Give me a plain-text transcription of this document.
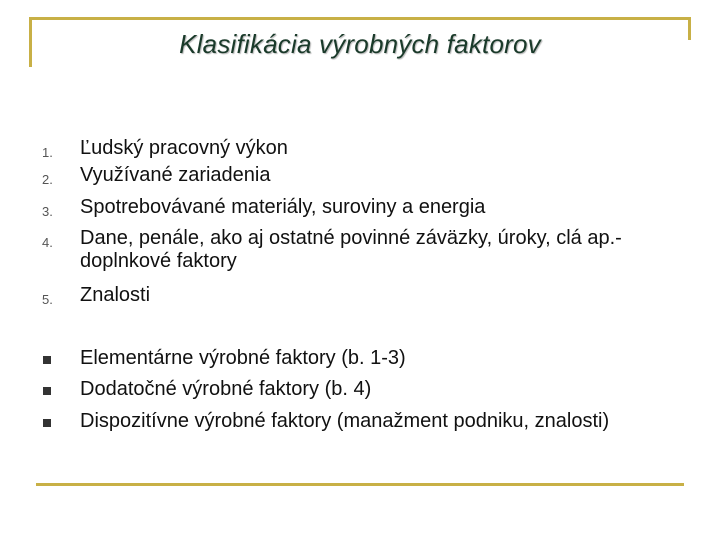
Klasifikácia výrobných faktorov
1. Ľudský pracovný výkon
2. Využívané zariadenia
3. Spotrebovávané materiály, suroviny a energia
4. Dane, penále, ako aj ostatné povinné záväzky, úroky, clá ap.- doplnkové faktory
5. Znalosti
Elementárne výrobné faktory (b. 1-3)
Dodatočné výrobné faktory (b. 4)
Dispozitívne výrobné faktory (manažment podniku, znalosti)
